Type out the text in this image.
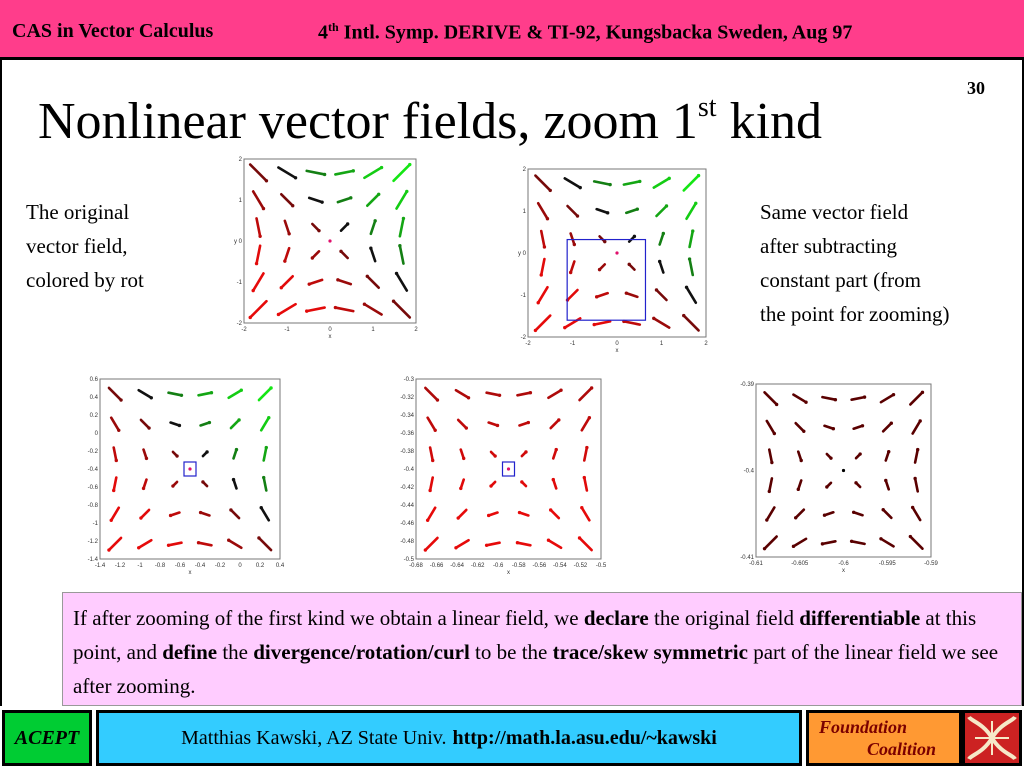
CAS in Vector Calculus	4th Intl. Symp. DERIVE & TI-92, Kungsbacka Sweden, Aug 97
30
Nonlinear vector fields, zoom 1st kind
The original
vector field,
colored by rot
Same vector field
after subtracting
constant part (from
the point for zooming)
2
1
y 0
-1
-2
-2	-1	0	1	2
x
2
1
y 0
-1
-2
-2	-1	0	1	2
x
0.6
0.4
0.2
0
-0.2
-0.4
-0.6
-0.8
-1
-1.2
-1.4
-1.4 -1.2 -1 -0.8 -0.6 -0.4 -0.2 0 0.2 0.4
x
-0.3
-0.32
-0.34
-0.36
-0.38
-0.4
-0.42
-0.44
-0.46
-0.48
-0.5
-0.68 -0.66 -0.64 -0.62 -0.6 -0.58 -0.56 -0.54 -0.52 -0.5
x
-0.39
-0.4
-0.41
-0.61	-0.605	-0.6	-0.595	-0.59
x
If after zooming of the first kind we obtain a linear field, we declare the original field differentiable at this point, and define the divergence/rotation/curl to be the trace/skew symmetric part of the linear field we see after zooming.
ACEPT	Matthias Kawski, AZ State Univ. http://math.la.asu.edu/~kawski	Foundation
Coalition
